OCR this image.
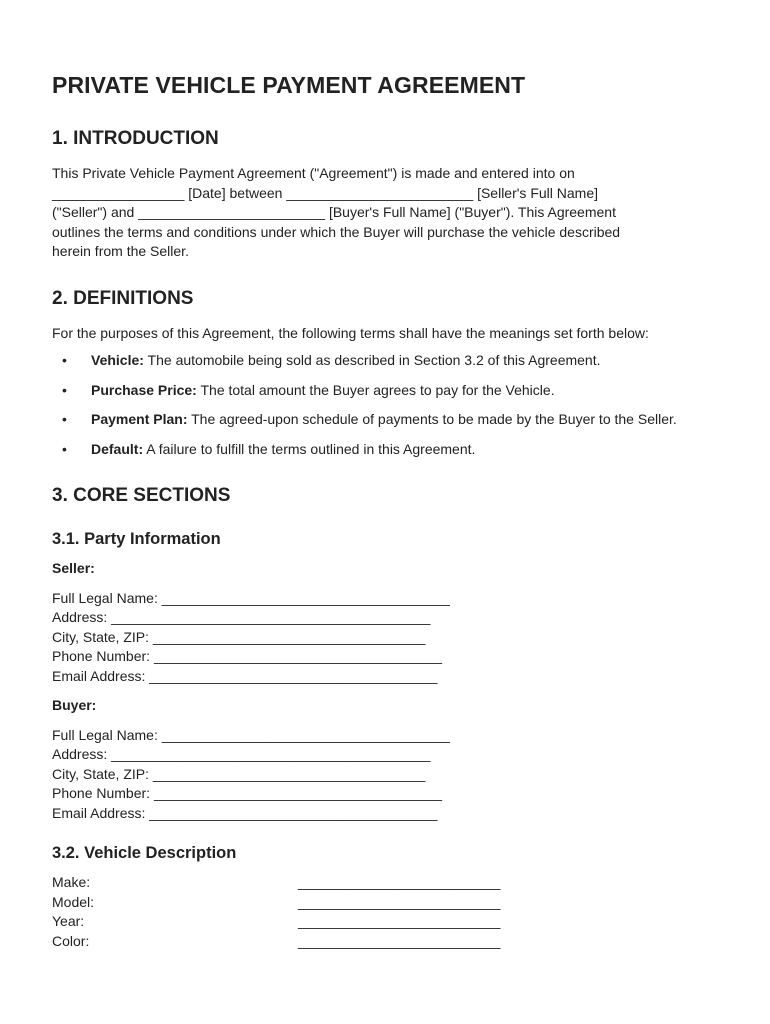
PRIVATE VEHICLE PAYMENT AGREEMENT
1. INTRODUCTION

This Private Vehicle Payment Agreement ("Agreement") is made and entered into on

_________________ [Date] between ________________________ [Seller's Full Name]

("Seller") and ________________________ [Buyer's Full Name] ("Buyer"). This Agreement

outlines the terms and conditions under which the Buyer will purchase the vehicle described

herein from the Seller.

2. DEFINITIONS

For the purposes of this Agreement, the following terms shall have the meanings set forth below:

• Vehicle: The automobile being sold as described in Section 3.2 of this Agreement.
• Purchase Price: The total amount the Buyer agrees to pay for the Vehicle.
• Payment Plan: The agreed-upon schedule of payments to be made by the Buyer to the Seller.
• Default: A failure to fulfill the terms outlined in this Agreement.
3. CORE SECTIONS
3.1. Party Information

Seller:

Full Legal Name: _____________________________________

Address: _________________________________________

City, State, ZIP: ___________________________________

Phone Number: _____________________________________

Email Address: _____________________________________

Buyer:

Full Legal Name: _____________________________________

Address: _________________________________________

City, State, ZIP: ___________________________________

Phone Number: _____________________________________

Email Address: _____________________________________

3.2. Vehicle Description
Make:	__________________________
Model:	__________________________
Year:	__________________________
Color:	__________________________
